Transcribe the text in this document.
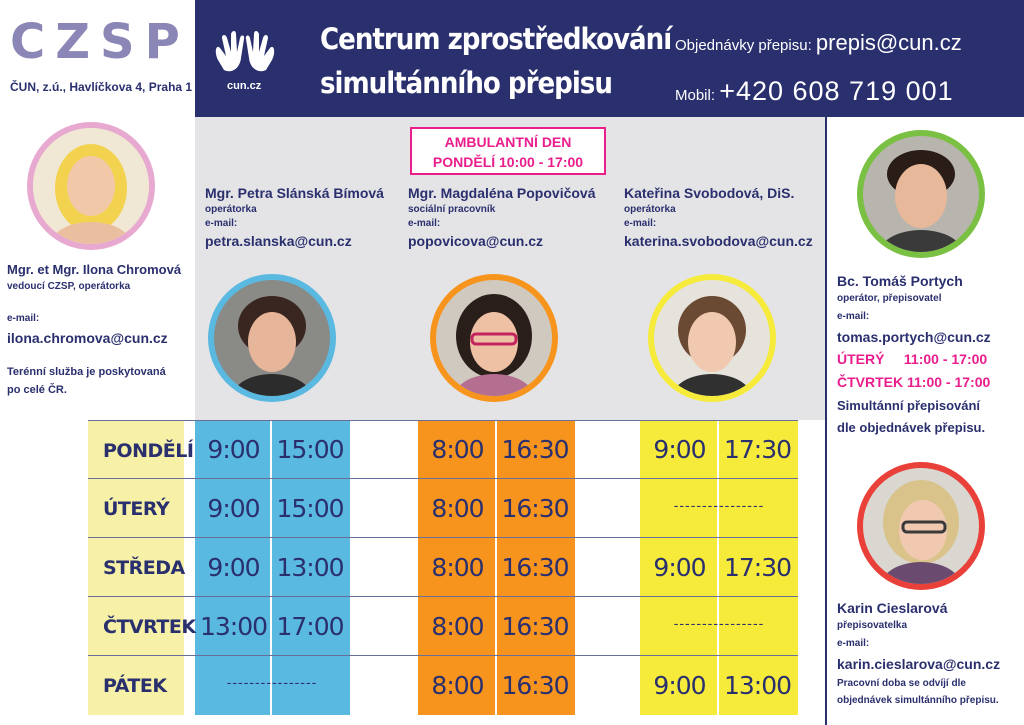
CZSP
ČUN, z.ú., Havlíčkova 4, Praha 1	cun.cz
Centrum zprostředkování
simultánního přepisu
Objednávky přepisu: prepis@cun.cz
Mobil: +420 608 719 001
Mgr. et Mgr. Ilona Chromová
vedoucí CZSP, operátorka
e-mail:
ilona.chromova@cun.cz
Terénní služba je poskytovaná
po celé ČR.
AMBULANTNÍ DEN
PONDĚLÍ 10:00 - 17:00
Mgr. Petra Slánská Bímová
operátorka
e-mail:
petra.slanska@cun.cz
Mgr. Magdaléna Popovičová
sociální pracovník
e-mail:
popovicova@cun.cz
Kateřina Svobodová, DiS.
operátorka
e-mail:
katerina.svobodova@cun.cz
PONDĚLÍ
ÚTERÝ
STŘEDA
ČTVRTEK
PÁTEK
9:00 15:00
9:00 15:00
9:00 13:00
13:00 17:00
----------------
8:00 16:30
8:00 16:30
8:00 16:30
8:00 16:30
8:00 16:30
9:00 17:30
----------------
9:00 17:30
----------------
9:00 13:00
Bc. Tomáš Portych
operátor, přepisovatel
e-mail:
tomas.portych@cun.cz
ÚTERÝ     11:00 - 17:00
ČTVRTEK 11:00 - 17:00
Simultánní přepisování
dle objednávek přepisu.
Karin Cieslarová
přepisovatelka
e-mail:
karin.cieslarova@cun.cz
Pracovní doba se odvíjí dle
objednávek simultánního přepisu.
